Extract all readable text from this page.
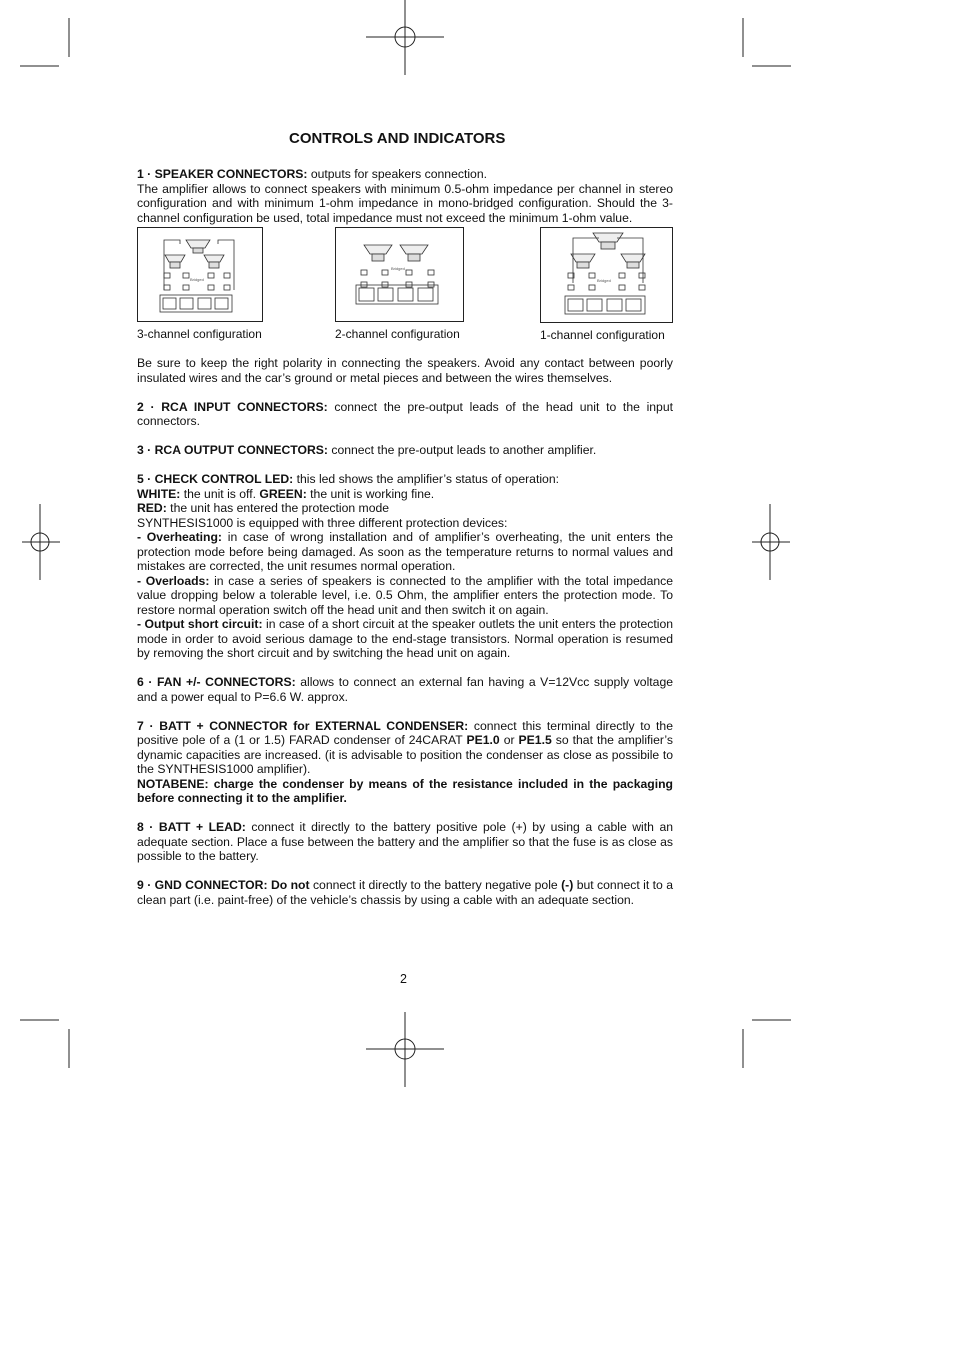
CONTROLS AND INDICATORS

1 · SPEAKER CONNECTORS: outputs for speakers connection.
The amplifier allows to connect speakers with minimum 0.5-ohm impedance per channel in stereo configuration and with minimum 1-ohm impedance in mono-bridged configuration. Should the 3-channel configuration be used, total impedance must not exceed the minimum 1-ohm value.

Bridged
3-channel configuration
Bridged
2-channel configuration
Bridged
1-channel configuration

Be sure to keep the right polarity in connecting the speakers. Avoid any contact between poorly insulated wires and the car’s ground or metal pieces and between the wires themselves.

2 · RCA INPUT CONNECTORS: connect the pre-output leads of the head unit to the input connectors.

3 · RCA OUTPUT CONNECTORS: connect the pre-output leads to another amplifier.

5 · CHECK CONTROL LED: this led shows the amplifier’s status of operation:
WHITE: the unit is off. GREEN: the unit is working fine.
RED: the unit has entered the protection mode
SYNTHESIS1000 is equipped with three different protection devices:
- Overheating: in case of wrong installation and of amplifier’s overheating, the unit enters the protection mode before being damaged. As soon as the temperature returns to normal values and mistakes are corrected, the unit resumes normal operation.
- Overloads: in case a series of speakers is connected to the amplifier with the total impedance value dropping below a tolerable level, i.e. 0.5 Ohm, the amplifier enters the protection mode. To restore normal operation switch off the head unit and then switch it on again.
- Output short circuit: in case of a short circuit at the speaker outlets the unit enters the protection mode in order to avoid serious damage to the end-stage transistors. Normal operation is resumed by removing the short circuit and by switching the head unit on again.

6 · FAN +/- CONNECTORS: allows to connect an external fan having a V=12Vcc supply voltage and a power equal to P=6.6 W. approx.

7 · BATT + CONNECTOR for EXTERNAL CONDENSER: connect this terminal directly to the positive pole of a (1 or 1.5) FARAD condenser of 24CARAT PE1.0 or PE1.5 so that the amplifier’s dynamic capacities are increased. (it is advisable to position the condenser as close as possibile to the SYNTHESIS1000 amplifier).
NOTABENE: charge the condenser by means of the resistance included in the packaging before connecting it to the amplifier.

8 · BATT + LEAD: connect it directly to the battery positive pole (+) by using a cable with an adequate section. Place a fuse between the battery and the amplifier so that the fuse is as close as possible to the battery.

9 · GND CONNECTOR: Do not connect it directly to the battery negative pole (-) but connect it to a clean part (i.e. paint-free) of the vehicle’s chassis by using a cable with an adequate section.

2
